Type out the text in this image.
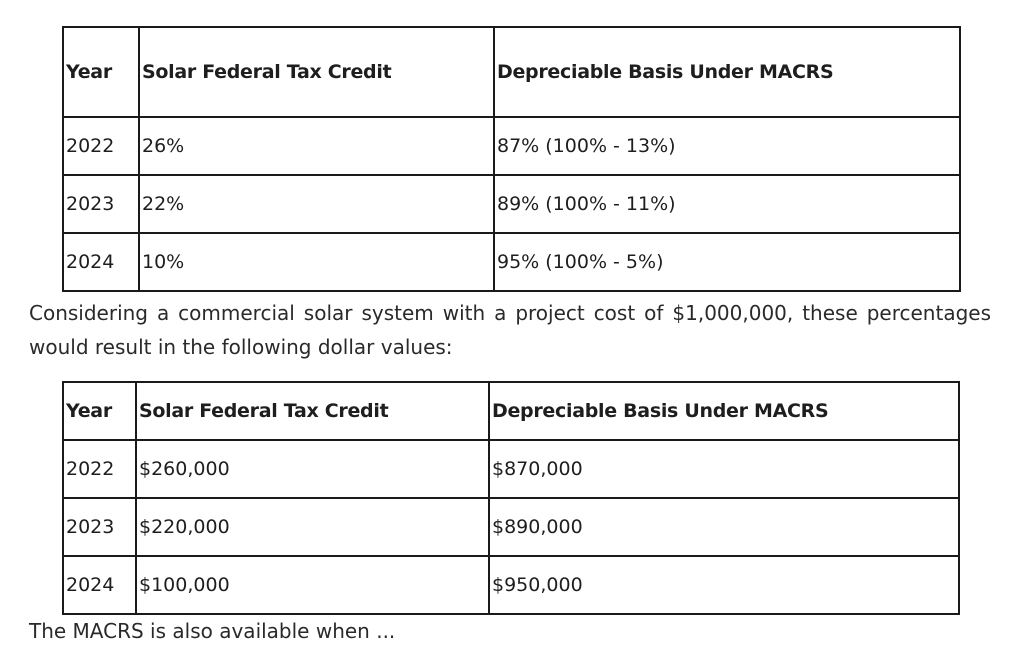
Year	Solar Federal Tax Credit	Depreciable Basis Under MACRS
2022	26%	87% (100% - 13%)
2023	22%	89% (100% - 11%)
2024	10%	95% (100% - 5%)

Considering a commercial solar system with a project cost of $1,000,000, these percentages would result in the following dollar values:

Year	Solar Federal Tax Credit	Depreciable Basis Under MACRS
2022	$260,000	$870,000
2023	$220,000	$890,000
2024	$100,000	$950,000
The MACRS is also available when ...
